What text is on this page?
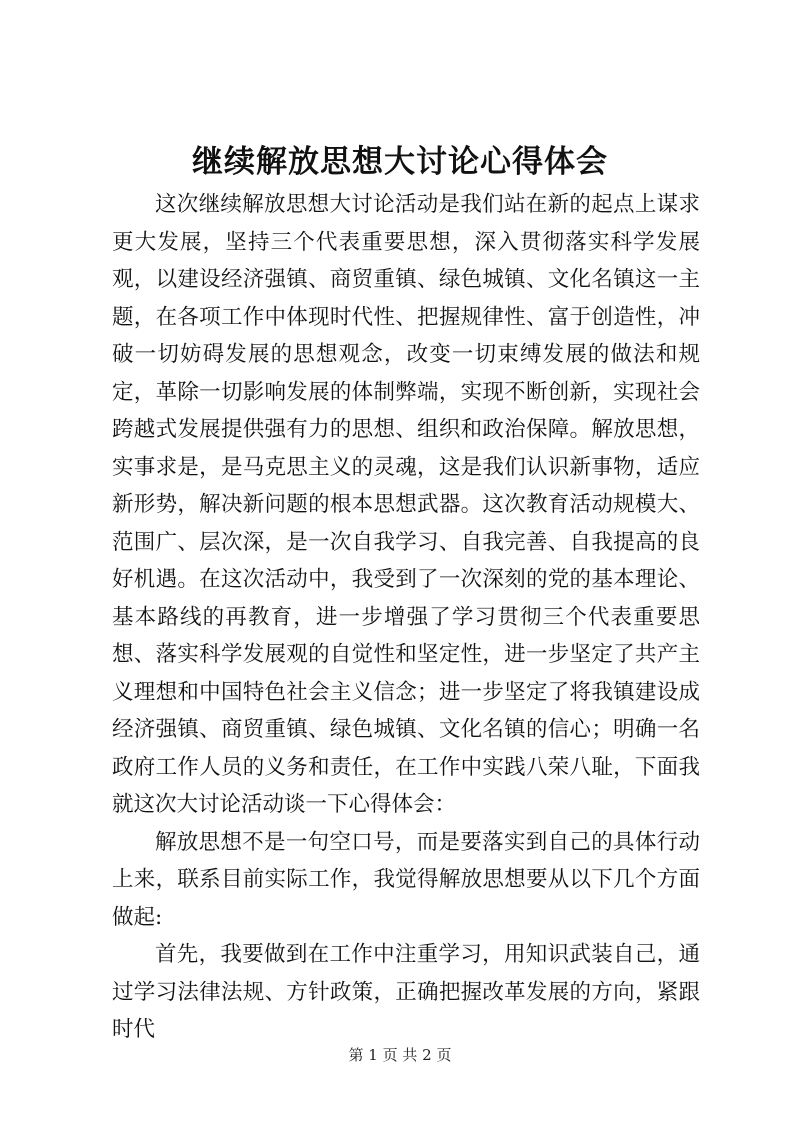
继续解放思想大讨论心得体会

这次继续解放思想大讨论活动是我们站在新的起点上谋求更大发展，坚持三个代表重要思想，深入贯彻落实科学发展观，以建设经济强镇、商贸重镇、绿色城镇、文化名镇这一主题，在各项工作中体现时代性、把握规律性、富于创造性，冲破一切妨碍发展的思想观念，改变一切束缚发展的做法和规定，革除一切影响发展的体制弊端，实现不断创新，实现社会跨越式发展提供强有力的思想、组织和政治保障。解放思想，实事求是，是马克思主义的灵魂，这是我们认识新事物，适应新形势，解决新问题的根本思想武器。这次教育活动规模大、范围广、层次深，是一次自我学习、自我完善、自我提高的良好机遇。在这次活动中，我受到了一次深刻的党的基本理论、基本路线的再教育，进一步增强了学习贯彻三个代表重要思想、落实科学发展观的自觉性和坚定性，进一步坚定了共产主义理想和中国特色社会主义信念；进一步坚定了将我镇建设成经济强镇、商贸重镇、绿色城镇、文化名镇的信心；明确一名政府工作人员的义务和责任，在工作中实践八荣八耻，下面我就这次大讨论活动谈一下心得体会：

解放思想不是一句空口号，而是要落实到自己的具体行动上来，联系目前实际工作，我觉得解放思想要从以下几个方面做起:

首先，我要做到在工作中注重学习，用知识武装自己，通过学习法律法规、方针政策，正确把握改革发展的方向，紧跟时代

第 1 页 共 2 页
